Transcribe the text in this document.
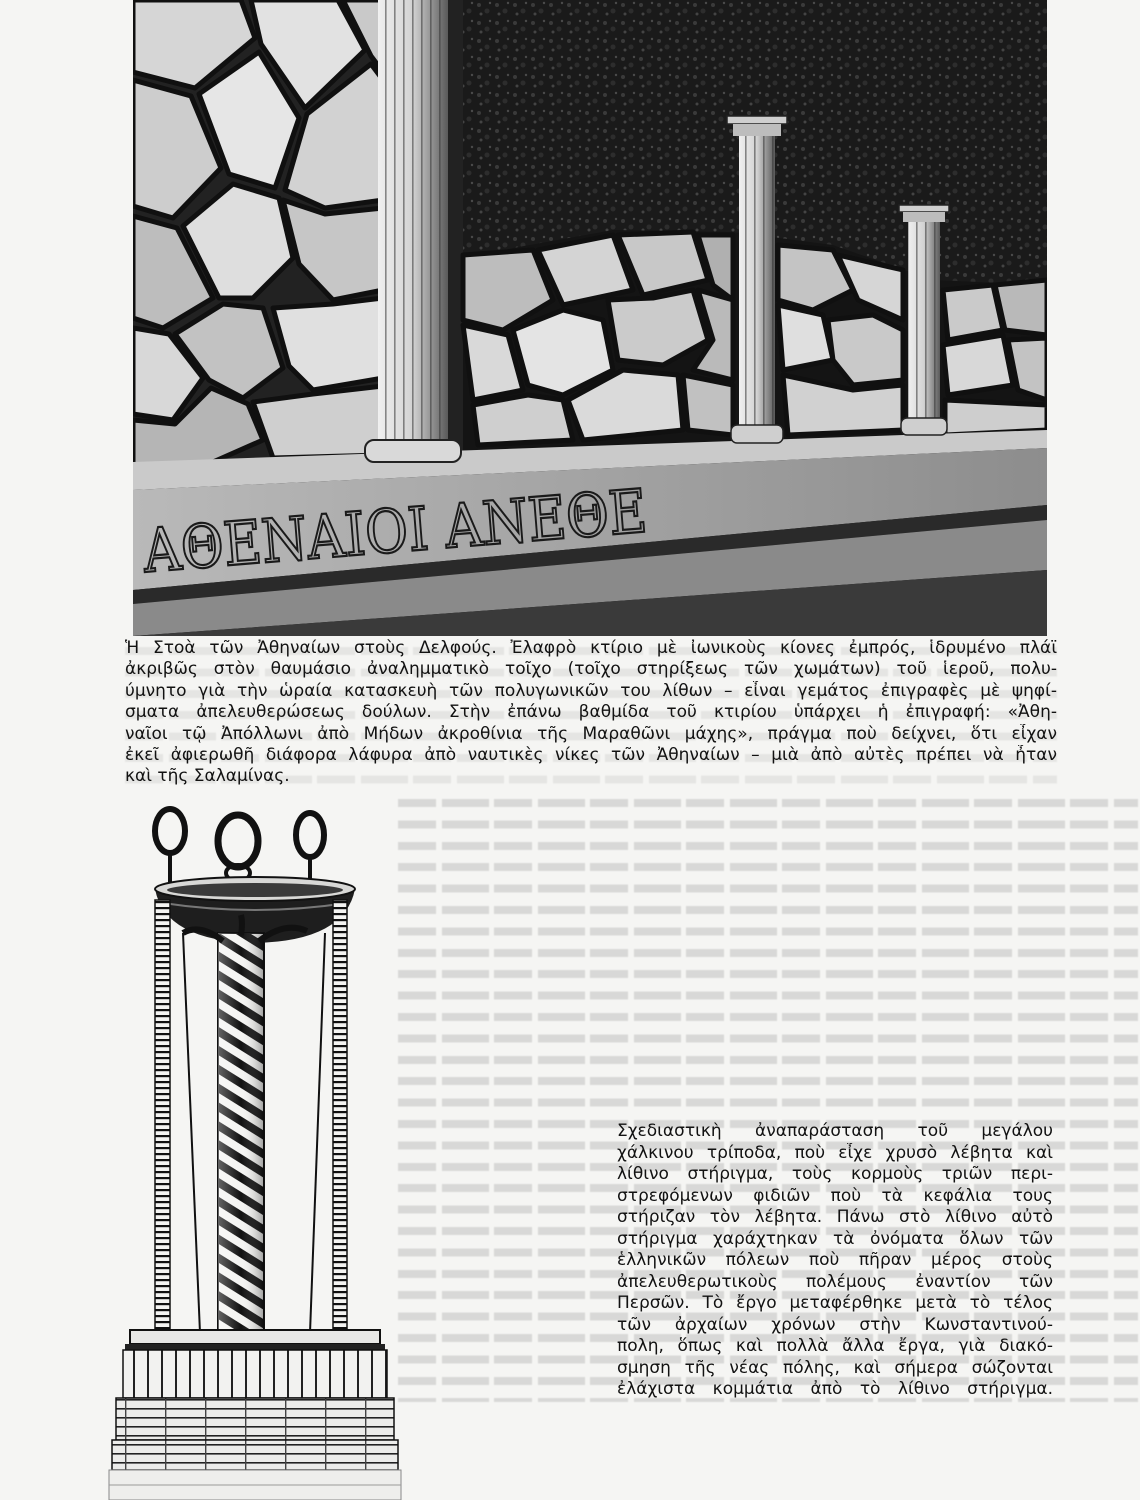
ΑΘΕΝΑΙΟΙ ΑΝΕΘΕ
Ἡ Στοὰ τῶν Ἀθηναίων στοὺς Δελφούς. Ἐλαφρὸ κτίριο μὲ ἰωνικοὺς κίονες ἐμπρός, ἱδρυμένο πλάϊ
ἀκριβῶς στὸν θαυμάσιο ἀναλημματικὸ τοῖχο (τοῖχο στηρίξεως τῶν χωμάτων) τοῦ ἱεροῦ, πολυ-
ύμνητο γιὰ τὴν ὡραία κατασκευὴ τῶν πολυγωνικῶν του λίθων – εἶναι γεμάτος ἐπιγραφὲς μὲ ψηφί-
σματα ἀπελευθερώσεως δούλων. Στὴν ἐπάνω βαθμίδα τοῦ κτιρίου ὑπάρχει ἡ ἐπιγραφή: «Ἀθη-
ναῖοι τῷ Ἀπόλλωνι ἀπὸ Μήδων ἀκροθίνια τῆς Μαραθῶνι μάχης», πράγμα ποὺ δείχνει, ὅτι εἶχαν
ἐκεῖ ἀφιερωθῆ διάφορα λάφυρα ἀπὸ ναυτικὲς νίκες τῶν Ἀθηναίων – μιὰ ἀπὸ αὐτὲς πρέπει νὰ ἦταν
καὶ τῆς Σαλαμίνας.
Σχεδιαστικὴ ἀναπαράσταση τοῦ μεγάλου
χάλκινου τρίποδα, ποὺ εἶχε χρυσὸ λέβητα καὶ
λίθινο στήριγμα, τοὺς κορμοὺς τριῶν περι-
στρεφόμενων φιδιῶν ποὺ τὰ κεφάλια τους
στήριζαν τὸν λέβητα. Πάνω στὸ λίθινο αὐτὸ
στήριγμα χαράχτηκαν τὰ ὀνόματα ὅλων τῶν
ἑλληνικῶν πόλεων ποὺ πῆραν μέρος στοὺς
ἀπελευθερωτικοὺς πολέμους ἐναντίον τῶν
Περσῶν. Τὸ ἔργο μεταφέρθηκε μετὰ τὸ τέλος
τῶν ἀρχαίων χρόνων στὴν Κωνσταντινού-
πολη, ὅπως καὶ πολλὰ ἄλλα ἔργα, γιὰ διακό-
σμηση τῆς νέας πόλης, καὶ σήμερα σώζονται
ἐλάχιστα κομμάτια ἀπὸ τὸ λίθινο στήριγμα.
